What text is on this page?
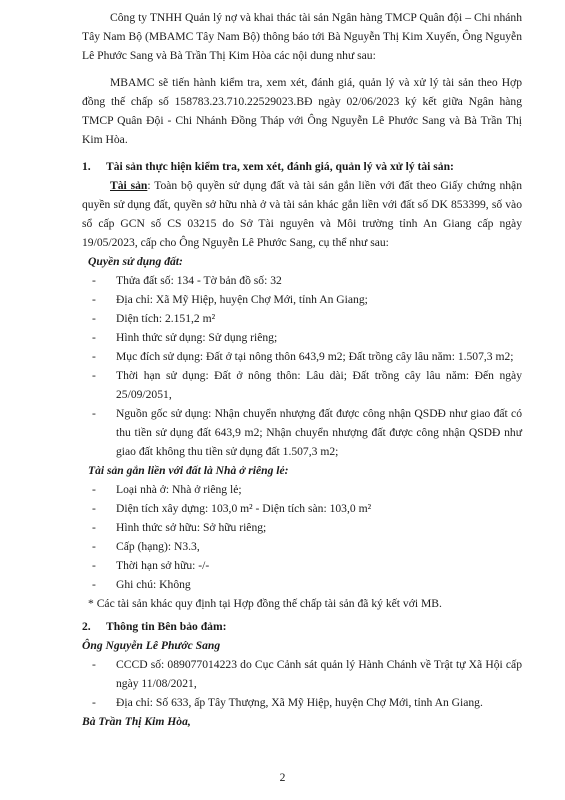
Công ty TNHH Quản lý nợ và khai thác tài sản Ngân hàng TMCP Quân đội – Chi nhánh Tây Nam Bộ (MBAMC Tây Nam Bộ) thông báo tới Bà Nguyễn Thị Kim Xuyến, Ông Nguyễn Lê Phước Sang và Bà Trần Thị Kim Hòa các nội dung như sau:

MBAMC sẽ tiến hành kiểm tra, xem xét, đánh giá, quản lý và xử lý tài sản theo Hợp đồng thế chấp số 158783.23.710.22529023.BĐ ngày 02/06/2023 ký kết giữa Ngân hàng TMCP Quân Đội - Chi Nhánh Đồng Tháp với Ông Nguyễn Lê Phước Sang và Bà Trần Thị Kim Hòa.

1.	Tài sản thực hiện kiểm tra, xem xét, đánh giá, quản lý và xử lý tài sản:

Tài sản: Toàn bộ quyền sử dụng đất và tài sản gắn liền với đất theo Giấy chứng nhận quyền sử dụng đất, quyền sở hữu nhà ở và tài sản khác gắn liền với đất số DK 853399, số vào sổ cấp GCN số CS 03215 do Sở Tài nguyên và Môi trường tỉnh An Giang cấp ngày 19/05/2023, cấp cho Ông Nguyễn Lê Phước Sang, cụ thể như sau:

Quyền sử dụng đất:
- Thửa đất số: 134 - Tờ bản đồ số: 32
- Địa chỉ: Xã Mỹ Hiệp, huyện Chợ Mới, tỉnh An Giang;
- Diện tích: 2.151,2 m²
- Hình thức sử dụng: Sử dụng riêng;
- Mục đích sử dụng: Đất ở tại nông thôn 643,9 m2; Đất trồng cây lâu năm: 1.507,3 m2;
- Thời hạn sử dụng: Đất ở nông thôn: Lâu dài; Đất trồng cây lâu năm: Đến ngày 25/09/2051,
- Nguồn gốc sử dụng: Nhận chuyển nhượng đất được công nhận QSDĐ như giao đất có thu tiền sử dụng đất 643,9 m2; Nhận chuyển nhượng đất được công nhận QSDĐ như giao đất không thu tiền sử dụng đất 1.507,3 m2;
Tài sản gắn liền với đất là Nhà ở riêng lẻ:
- Loại nhà ở: Nhà ở riêng lẻ;
- Diện tích xây dựng: 103,0 m² - Diện tích sàn: 103,0 m²
- Hình thức sở hữu: Sở hữu riêng;
- Cấp (hạng): N3.3,
- Thời hạn sở hữu: -/-
- Ghi chú: Không

* Các tài sản khác quy định tại Hợp đồng thế chấp tài sản đã ký kết với MB.

2.	Thông tin Bên bảo đảm:
Ông Nguyễn Lê Phước Sang
- CCCD số: 089077014223 do Cục Cảnh sát quản lý Hành Chánh về Trật tự Xã Hội cấp ngày 11/08/2021,
- Địa chỉ: Số 633, ấp Tây Thượng, Xã Mỹ Hiệp, huyện Chợ Mới, tỉnh An Giang.
Bà Trần Thị Kim Hòa,
2
